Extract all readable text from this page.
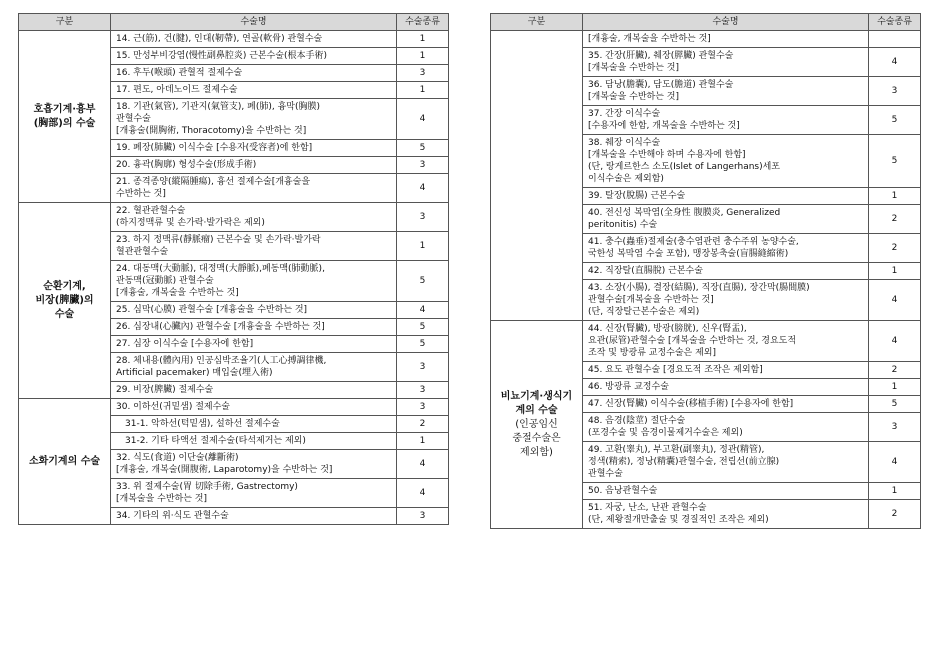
구분	수술명	수술종류

호흡기계·흉부
(胸部)의 수술	14. 근(筋), 건(腱), 인대(靭帶), 연골(軟骨) 관혈수술	1
	15. 만성부비강염(慢性副鼻腔炎) 근본수술(根本手術)	1
	16. 후두(喉頭) 관혈적 절제수술	3
	17. 편도, 아데노이드 절제수술	1
	18. 기관(氣管), 기관지(氣管支), 폐(肺), 흉막(胸膜)
관혈수술
[개흉술(開胸術, Thoracotomy)을 수반하는 것]	4
	19. 폐장(肺臟) 이식수술 [수용자(受容者)에 한함]	5
	20. 흉곽(胸廓) 형성수술(形成手術)	3
	21. 종격종양(縱隔腫瘍), 흉선 절제수술[개흉술을
수반하는 것]	4

순환기계,
비장(脾臟)의
수술	22. 혈관관혈수술
(하지정맥류 및 손가락·발가락은 제외)	3
	23. 하지 정맥류(靜脈瘤) 근본수술 및 손가락·발가락
혈관관혈수술	1
	24. 대동맥(大動脈), 대정맥(大靜脈),폐동맥(肺動脈),
관동맥(冠動脈) 관혈수술
[개흉술, 개복술을 수반하는 것]	5
	25. 심막(心膜) 관혈수술 [개흉술을 수반하는 것]	4
	26. 심장내(心臟內) 관혈수술 [개흉술을 수반하는 것]	5
	27. 심장 이식수술 [수용자에 한함]	5
	28. 체내용(體內用) 인공심박조율기(人工心搏調律機,
Artificial pacemaker) 매입술(埋入術)	3
	29. 비장(脾臟) 절제수술	3

소화기계의 수술	30. 이하선(귀밑샘) 절제수술	3
	31-1. 악하선(턱밑샘), 설하선 절제수술	2
	31-2. 기타 타액선 절제수술(타석제거는 제외)	1
	32. 식도(食道) 이단술(離斷術)
[개흉술, 개복술(開腹術, Laparotomy)을 수반하는 것]	4
	33. 위 절제수술(胃 切除手術, Gastrectomy)
[개복술을 수반하는 것]	4
	34. 기타의 위·식도 관혈수술	3
구분	수술명	수술종류

	[개흉술, 개복술을 수반하는 것]	
	35. 간장(肝臟), 췌장(膵臟) 관혈수술
[개복술을 수반하는 것]	4
	36. 담낭(膽囊), 담도(膽道) 관혈수술
[개복술을 수반하는 것]	3
	37. 간장 이식수술
[수용자에 한함, 개복술을 수반하는 것]	5
	38. 췌장 이식수술
[개복술을 수반해야 하며 수용자에 한함]
(단, 랑게르한스 소도(Islet of Langerhans)세포
이식수술은 제외함)	5
	39. 탈장(脫腸) 근본수술	1
	40. 전신성 복막염(全身性 腹膜炎, Generalized
peritonitis) 수술	2
	41. 충수(蟲垂)절제술(충수염관련 충수주위 농양수술,
국한성 복막염 수술 포함), 맹장봉축술(盲腸縫縮術)	2
	42. 직장탈(直腸脫) 근본수술	1
	43. 소장(小腸), 결장(結腸), 직장(直腸), 장간막(腸間膜)
관혈수술[개복술을 수반하는 것]
(단, 직장탈근본수술은 제외)	4

비뇨기계·생식기
계의 수술
(인공임신
중절수술은
제외함)	44. 신장(腎臟), 방광(膀胱), 신우(腎盂),
요관(尿管)관혈수술 [개복술을 수반하는 것, 경요도적
조작 및 방광류 교정수술은 제외]	4
	45. 요도 관혈수술 [경요도적 조작은 제외함]	2
	46. 방광류 교정수술	1
	47. 신장(腎臟) 이식수술(移植手術) [수용자에 한함]	5
	48. 음경(陰莖) 절단수술
(포경수술 및 음경이물제거수술은 제외)	3
	49. 고환(睾丸), 부고환(副睾丸), 정관(精管),
정색(精索), 정낭(精囊)관혈수술, 전립선(前立腺)
관혈수술	4
	50. 음낭관혈수술	1
	51. 자궁, 난소, 난관 관혈수술
(단, 제왕절개만출술 및 경질적인 조작은 제외)	2
